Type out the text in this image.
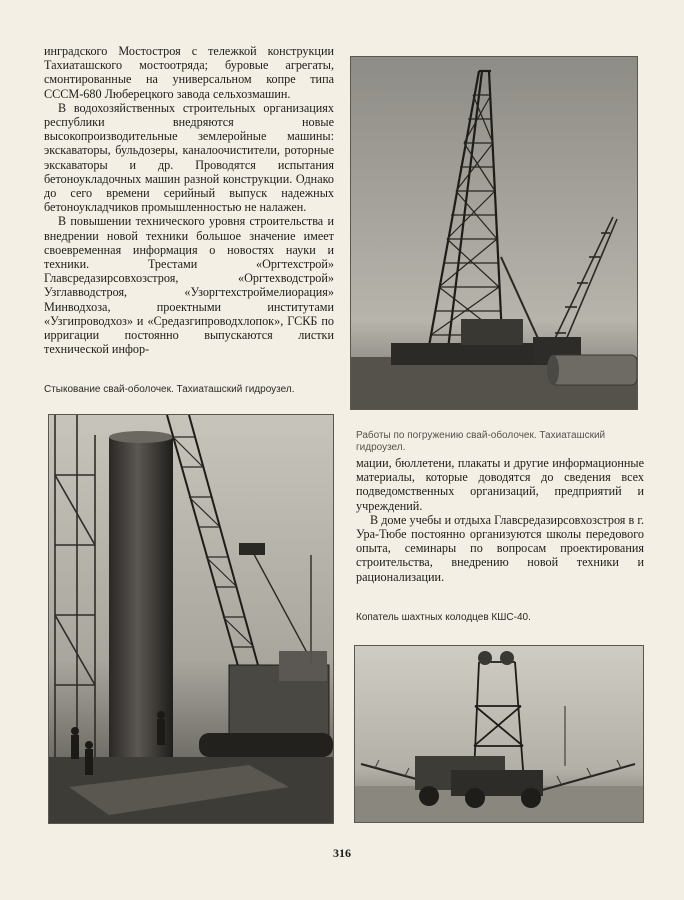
инградского Мостостроя с тележкой конструкции Тахиаташского мостоотряда; буровые агрегаты, смонтированные на универсальном копре типа СССМ-680 Люберецкого завода сельхозмашин.

В водохозяйственных строительных организациях республики внедряются новые высокопроизводительные землеройные машины: экскаваторы, бульдозеры, каналоочистители, роторные экскаваторы и др. Проводятся испытания бетоноукладочных машин разной конструкции. Однако до сего времени серийный выпуск надежных бетоноукладчиков промышленностью не налажен.

В повышении технического уровня строительства и внедрении новой техники большое значение имеет своевременная информация о новостях науки и техники. Трестами «Оргтехстрой» Главсредазирсовхозстроя, «Оргтехводстрой» Узглавводстроя, «Узоргтехстроймелиорация» Минводхоза, проектными институтами «Узгипроводхоз» и «Средазгипроводхлопок», ГСКБ по ирригации постоянно выпускаются листки технической инфор-

Стыкование свай-оболочек. Тахиаташский гидроузел.

Работы по погружению свай-оболочек. Тахиаташский гидроузел.

мации, бюллетени, плакаты и другие информационные материалы, которые доводятся до сведения всех подведомственных организаций, предприятий и учреждений.

В доме учебы и отдыха Главсредазирсовхозстроя в г. Ура-Тюбе постоянно организуются школы передового опыта, семинары по вопросам проектирования строительства, внедрению новой техники и рационализации.

Копатель шахтных колодцев КШС-40.

316
